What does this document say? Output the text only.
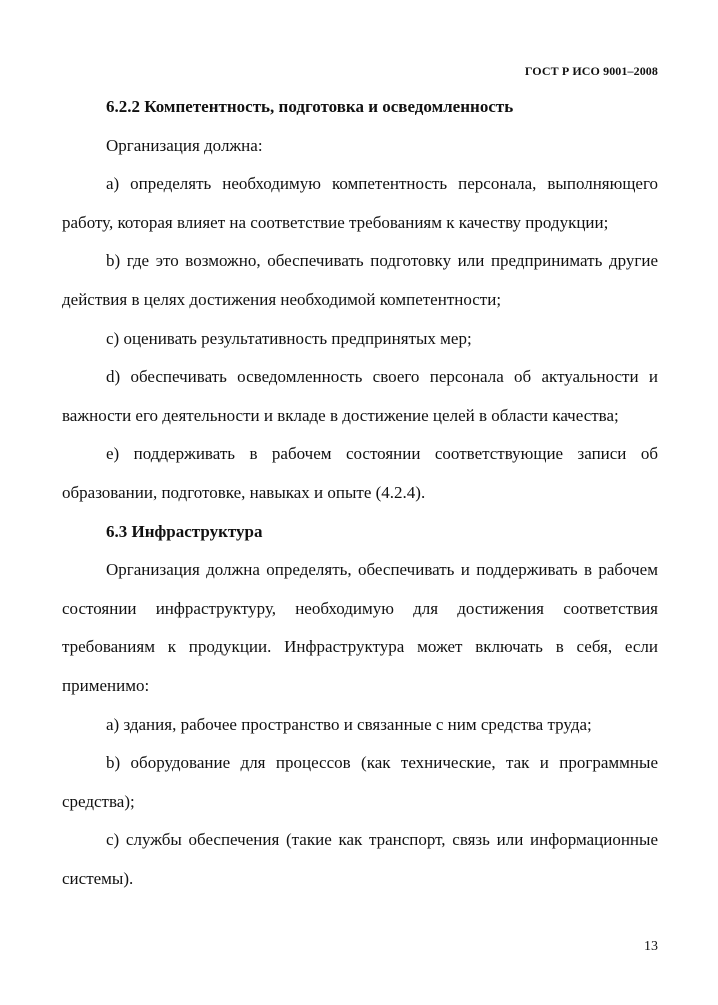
ГОСТ Р ИСО 9001–2008

6.2.2 Компетентность, подготовка и осведомленность

Организация должна:

а) определять необходимую компетентность персонала, выполняющего работу, которая влияет на соответствие требованиям к качеству продукции;

b) где это возможно, обеспечивать подготовку или предпринимать другие действия в целях достижения необходимой компетентности;

c) оценивать результативность предпринятых мер;

d) обеспечивать осведомленность своего персонала об актуальности и важности его деятельности и вкладе в достижение целей в области качества;

e) поддерживать в рабочем состоянии соответствующие записи об образовании, подготовке, навыках и опыте (4.2.4).

6.3 Инфраструктура

Организация должна определять, обеспечивать и поддерживать в рабочем состоянии инфраструктуру, необходимую для достижения соответствия требованиям к продукции. Инфраструктура может включать в себя, если применимо:

а) здания, рабочее пространство и связанные с ним средства труда;

b) оборудование для процессов (как технические, так и программные средства);

c) службы обеспечения (такие как транспорт, связь или информационные системы).

13
